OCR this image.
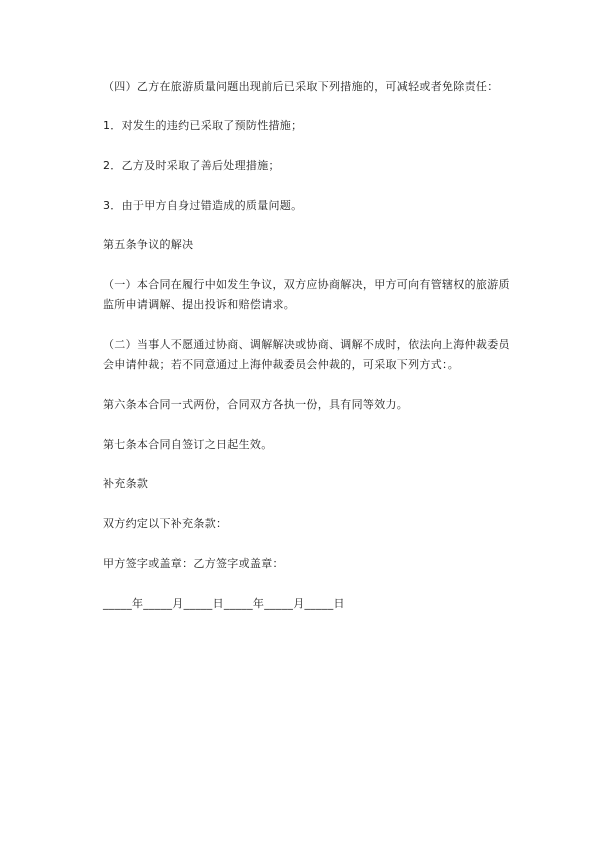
（四）乙方在旅游质量问题出现前后已采取下列措施的，可减轻或者免除责任：

1．对发生的违约已采取了预防性措施；

2．乙方及时采取了善后处理措施；

3．由于甲方自身过错造成的质量问题。

第五条争议的解决

（一）本合同在履行中如发生争议，双方应协商解决，甲方可向有管辖权的旅游质监所申请调解、提出投诉和赔偿请求。

（二）当事人不愿通过协商、调解解决或协商、调解不成时，依法向上海仲裁委员会申请仲裁；若不同意通过上海仲裁委员会仲裁的，可采取下列方式：。

第六条本合同一式两份，合同双方各执一份，具有同等效力。

第七条本合同自签订之日起生效。

补充条款

双方约定以下补充条款：

甲方签字或盖章：乙方签字或盖章：

_____年_____月_____日_____年_____月_____日
